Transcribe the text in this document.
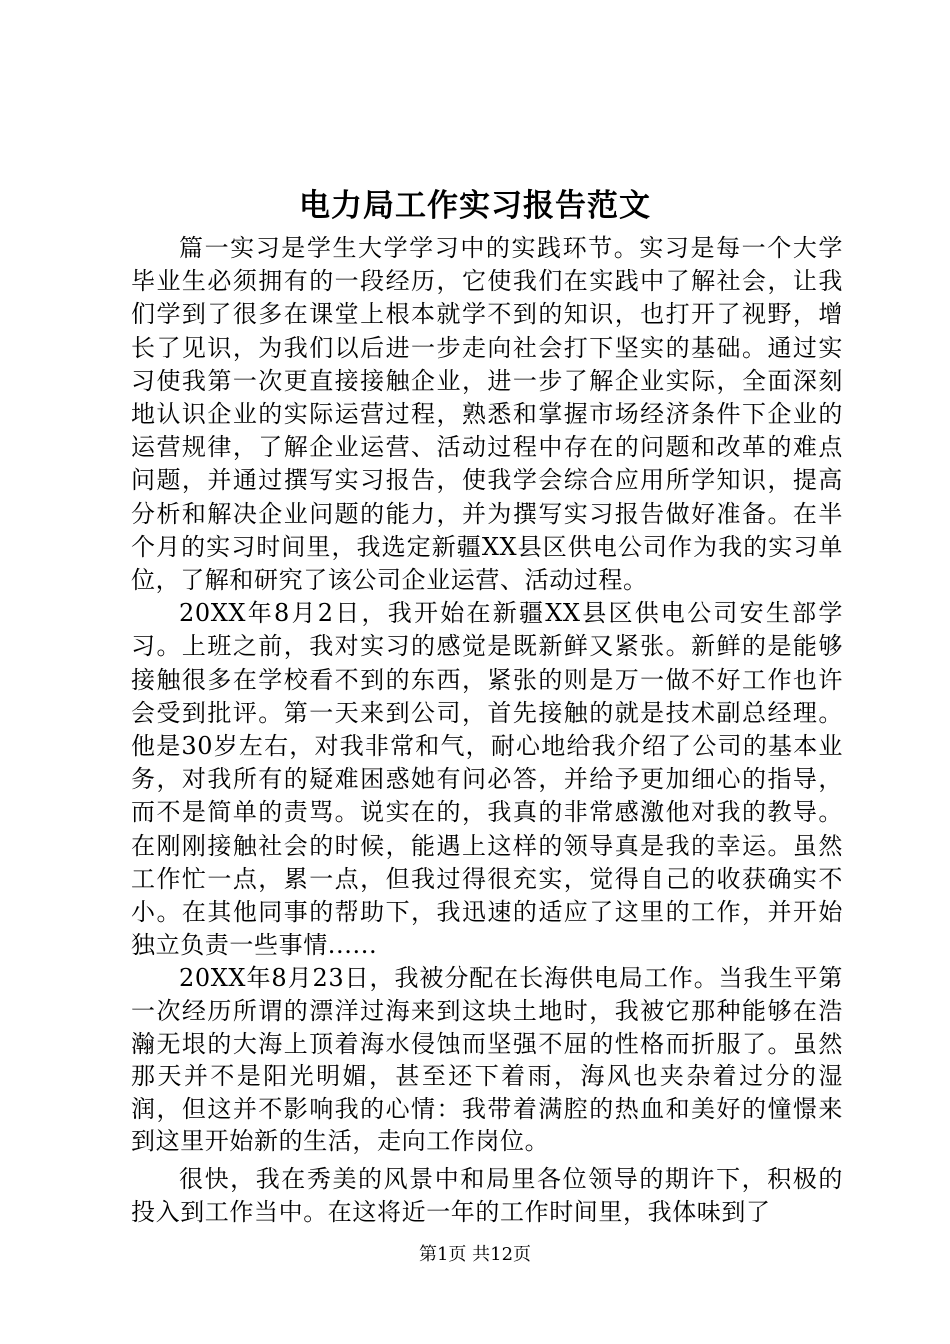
电力局工作实习报告范文

篇一实习是学生大学学习中的实践环节。实习是每一个大学毕业生必须拥有的一段经历，它使我们在实践中了解社会，让我们学到了很多在课堂上根本就学不到的知识，也打开了视野，增长了见识，为我们以后进一步走向社会打下坚实的基础。通过实习使我第一次更直接接触企业，进一步了解企业实际，全面深刻地认识企业的实际运营过程，熟悉和掌握市场经济条件下企业的运营规律，了解企业运营、活动过程中存在的问题和改革的难点问题，并通过撰写实习报告，使我学会综合应用所学知识，提高分析和解决企业问题的能力，并为撰写实习报告做好准备。在半个月的实习时间里，我选定新疆XX县区供电公司作为我的实习单位，了解和研究了该公司企业运营、活动过程。

20XX年8月2日，我开始在新疆XX县区供电公司安生部学习。上班之前，我对实习的感觉是既新鲜又紧张。新鲜的是能够接触很多在学校看不到的东西，紧张的则是万一做不好工作也许会受到批评。第一天来到公司，首先接触的就是技术副总经理。他是30岁左右，对我非常和气，耐心地给我介绍了公司的基本业务，对我所有的疑难困惑她有问必答，并给予更加细心的指导，而不是简单的责骂。说实在的，我真的非常感激他对我的教导。在刚刚接触社会的时候，能遇上这样的领导真是我的幸运。虽然工作忙一点，累一点，但我过得很充实，觉得自己的收获确实不小。在其他同事的帮助下，我迅速的适应了这里的工作，并开始独立负责一些事情......

20XX年8月23日，我被分配在长海供电局工作。当我生平第一次经历所谓的漂洋过海来到这块土地时，我被它那种能够在浩瀚无垠的大海上顶着海水侵蚀而坚强不屈的性格而折服了。虽然那天并不是阳光明媚，甚至还下着雨，海风也夹杂着过分的湿润，但这并不影响我的心情：我带着满腔的热血和美好的憧憬来到这里开始新的生活，走向工作岗位。

很快，我在秀美的风景中和局里各位领导的期许下，积极的投入到工作当中。在这将近一年的工作时间里，我体味到了

第1页 共12页
